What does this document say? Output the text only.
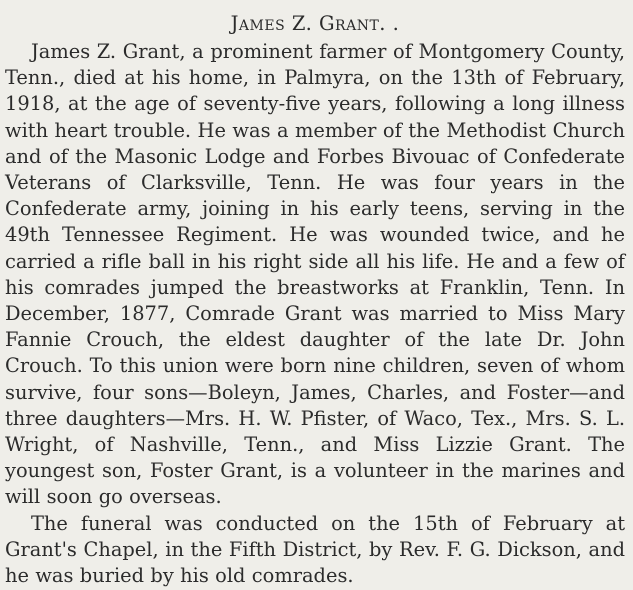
James Z. Grant. .

James Z. Grant, a prominent farmer of Montgomery County, Tenn., died at his home, in Palmyra, on the 13th of February, 1918, at the age of seventy-five years, following a long illness with heart trouble. He was a member of the Methodist Church and of the Masonic Lodge and Forbes Bivouac of Confederate Veterans of Clarksville, Tenn. He was four years in the Confederate army, joining in his early teens, serving in the 49th Tennessee Regiment. He was wounded twice, and he carried a rifle ball in his right side all his life. He and a few of his comrades jumped the breastworks at Franklin, Tenn. In December, 1877, Comrade Grant was married to Miss Mary Fannie Crouch, the eldest daughter of the late Dr. John Crouch. To this union were born nine children, seven of whom survive, four sons—Boleyn, James, Charles, and Foster—and three daughters—Mrs. H. W. Pfister, of Waco, Tex., Mrs. S. L. Wright, of Nashville, Tenn., and Miss Lizzie Grant. The youngest son, Foster Grant, is a volunteer in the marines and will soon go overseas.

The funeral was conducted on the 15th of February at Grant's Chapel, in the Fifth District, by Rev. F. G. Dickson, and he was buried by his old comrades.
